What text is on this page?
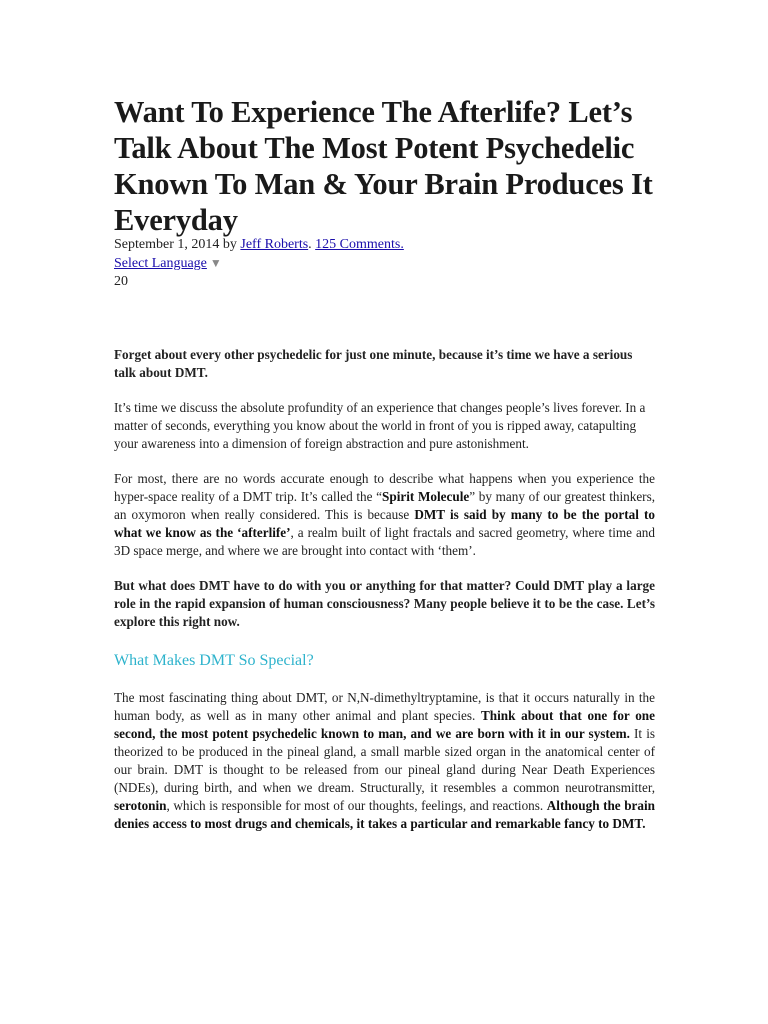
Want To Experience The Afterlife? Let’s Talk About The Most Potent Psychedelic Known To Man & Your Brain Produces It Everyday
September 1, 2014 by Jeff Roberts. 125 Comments.
Select Language ▼
20

Forget about every other psychedelic for just one minute, because it’s time we have a serious talk about DMT.

It’s time we discuss the absolute profundity of an experience that changes people’s lives forever. In a matter of seconds, everything you know about the world in front of you is ripped away, catapulting your awareness into a dimension of foreign abstraction and pure astonishment.

For most, there are no words accurate enough to describe what happens when you experience the hyper-space reality of a DMT trip. It’s called the “Spirit Molecule” by many of our greatest thinkers, an oxymoron when really considered. This is because DMT is said by many to be the portal to what we know as the ‘afterlife’, a realm built of light fractals and sacred geometry, where time and 3D space merge, and where we are brought into contact with ‘them’.

But what does DMT have to do with you or anything for that matter? Could DMT play a large role in the rapid expansion of human consciousness? Many people believe it to be the case. Let’s explore this right now.

What Makes DMT So Special?

The most fascinating thing about DMT, or N,N-dimethyltryptamine, is that it occurs naturally in the human body, as well as in many other animal and plant species. Think about that one for one second, the most potent psychedelic known to man, and we are born with it in our system. It is theorized to be produced in the pineal gland, a small marble sized organ in the anatomical center of our brain. DMT is thought to be released from our pineal gland during Near Death Experiences (NDEs), during birth, and when we dream. Structurally, it resembles a common neurotransmitter, serotonin, which is responsible for most of our thoughts, feelings, and reactions. Although the brain denies access to most drugs and chemicals, it takes a particular and remarkable fancy to DMT.
